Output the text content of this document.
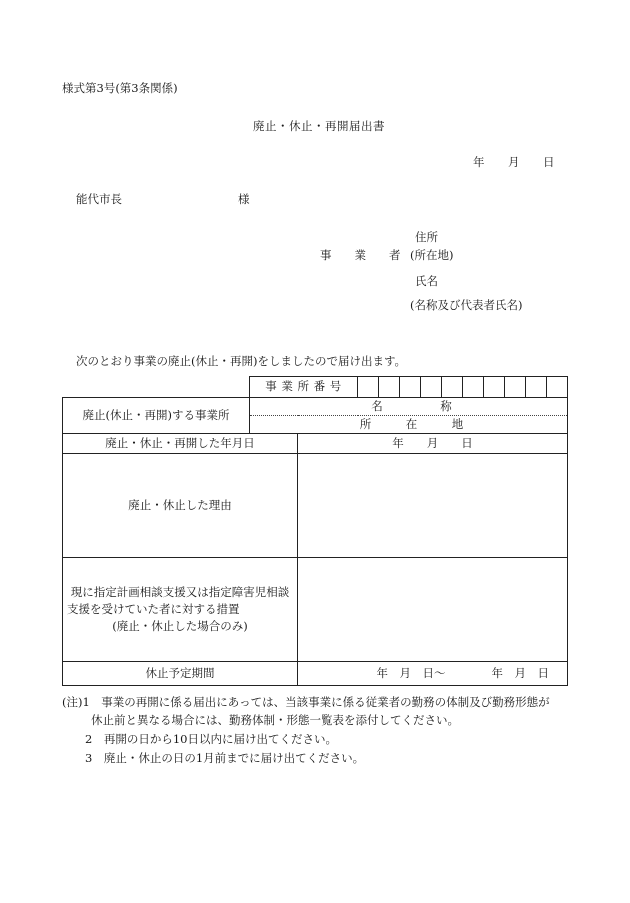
様式第3号(第3条関係)
廃止・休止・再開届出書
年 月 日
能代市長	様
住所
事　　業　　者 (所在地)
氏名
(名称及び代表者氏名)
次のとおり事業の廃止(休止・再開)をしましたので届け出ます。
	事 業 所 番 号		

廃止(休止・再開)する事業所	名　　　　　称		
	所　　　在　　　地		
廃止・休止・再開した年月日		年　　月　　日	
廃止・休止した理由			

現に指定計画相談支援又は指定障害児相談
支援を受けていた者に対する措置
(廃止・休止した場合のみ)			

休止予定期間		年　月　日～　　　　年　月　日	
(注)1　事業の再開に係る届出にあっては、当該事業に係る従業者の勤務の体制及び勤務形態が
休止前と異なる場合には、勤務体制・形態一覧表を添付してください。
2　再開の日から10日以内に届け出てください。
3　廃止・休止の日の1月前までに届け出てください。
